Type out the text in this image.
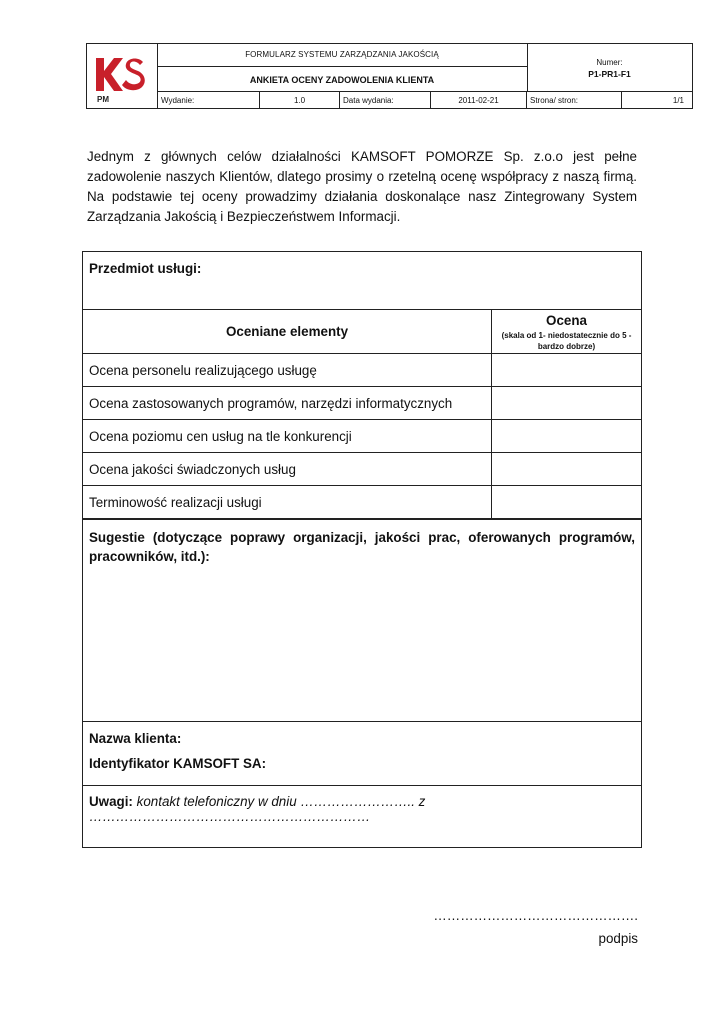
PM
FORMULARZ SYSTEMU ZARZĄDZANIA JAKOŚCIĄ
ANKIETA OCENY ZADOWOLENIA KLIENTA
Numer:
P1-PR1-F1
Wydanie:	1.0	Data wydania:	2011-02-21	Strona/ stron:	1/1
Jednym z głównych celów działalności KAMSOFT POMORZE Sp. z.o.o jest pełne zadowolenie naszych Klientów, dlatego prosimy o rzetelną ocenę współpracy z naszą firmą. Na podstawie tej oceny prowadzimy działania doskonalące nasz Zintegrowany System Zarządzania Jakością i Bezpieczeństwem Informacji.
Przedmiot usługi:
Oceniane elementy
Ocena
(skala od 1- niedostatecznie do 5 - bardzo dobrze)
Ocena personelu realizującego usługę
Ocena zastosowanych programów, narzędzi informatycznych
Ocena poziomu cen usług na tle konkurencji
Ocena jakości świadczonych usług
Terminowość realizacji usługi
Sugestie (dotyczące poprawy organizacji, jakości prac, oferowanych programów, pracowników, itd.):
Nazwa klienta:
Identyfikator KAMSOFT SA:
Uwagi: kontakt telefoniczny w dniu …………………….. z ………………………………………………………
……………………………………….
podpis
